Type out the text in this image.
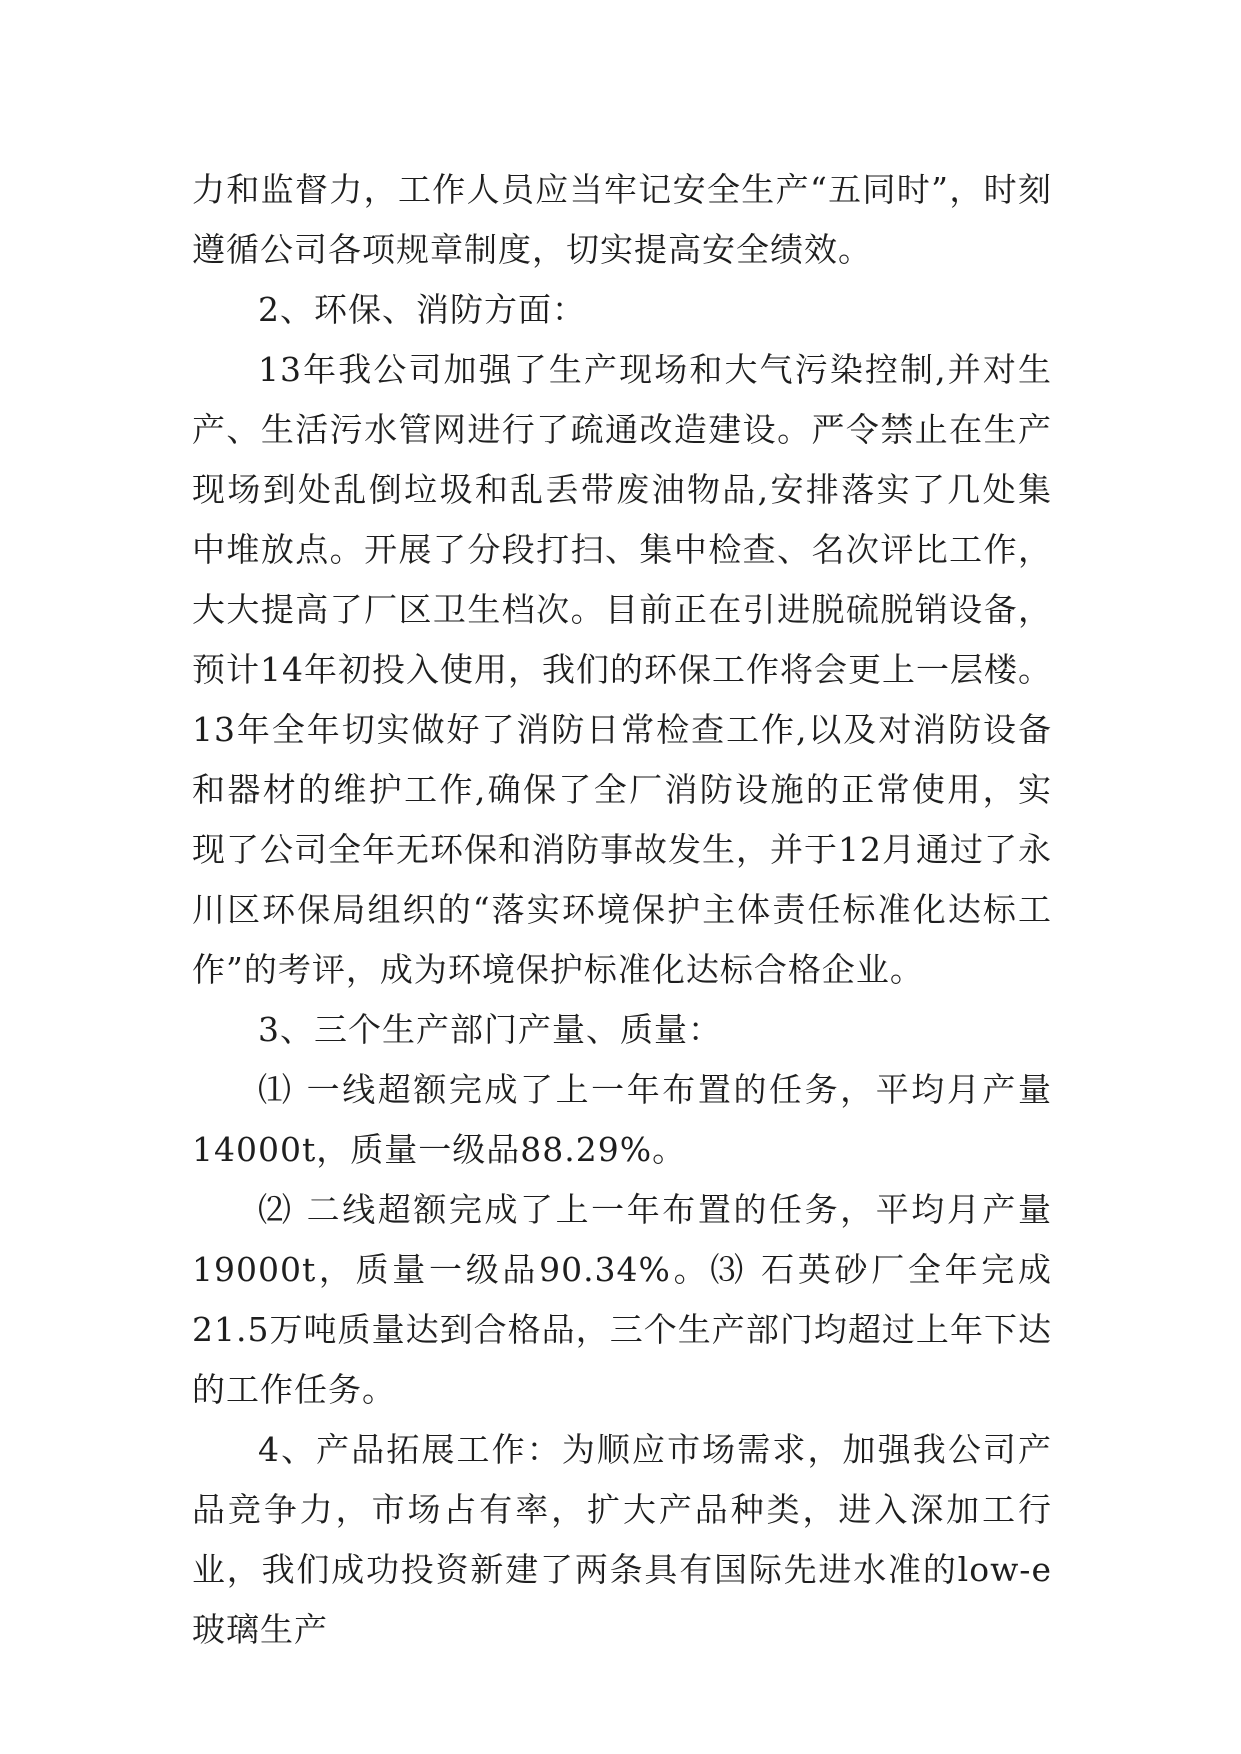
力和监督力，工作人员应当牢记安全生产“五同时”，时刻遵循公司各项规章制度，切实提高安全绩效。

2、环保、消防方面：

13年我公司加强了生产现场和大气污染控制,并对生产、生活污水管网进行了疏通改造建设。严令禁止在生产现场到处乱倒垃圾和乱丢带废油物品,安排落实了几处集中堆放点。开展了分段打扫、集中检查、名次评比工作，大大提高了厂区卫生档次。目前正在引进脱硫脱销设备，预计14年初投入使用，我们的环保工作将会更上一层楼。13年全年切实做好了消防日常检查工作,以及对消防设备和器材的维护工作,确保了全厂消防设施的正常使用，实现了公司全年无环保和消防事故发生，并于12月通过了永川区环保局组织的“落实环境保护主体责任标准化达标工作”的考评，成为环境保护标准化达标合格企业。

3、三个生产部门产量、质量：

⑴ 一线超额完成了上一年布置的任务，平均月产量14000t，质量一级品88.29%。

⑵ 二线超额完成了上一年布置的任务，平均月产量19000t，质量一级品90.34%。⑶ 石英砂厂全年完成21.5万吨质量达到合格品，三个生产部门均超过上年下达的工作任务。

4、产品拓展工作：为顺应市场需求，加强我公司产品竞争力，市场占有率，扩大产品种类，进入深加工行业，我们成功投资新建了两条具有国际先进水准的low-e玻璃生产
